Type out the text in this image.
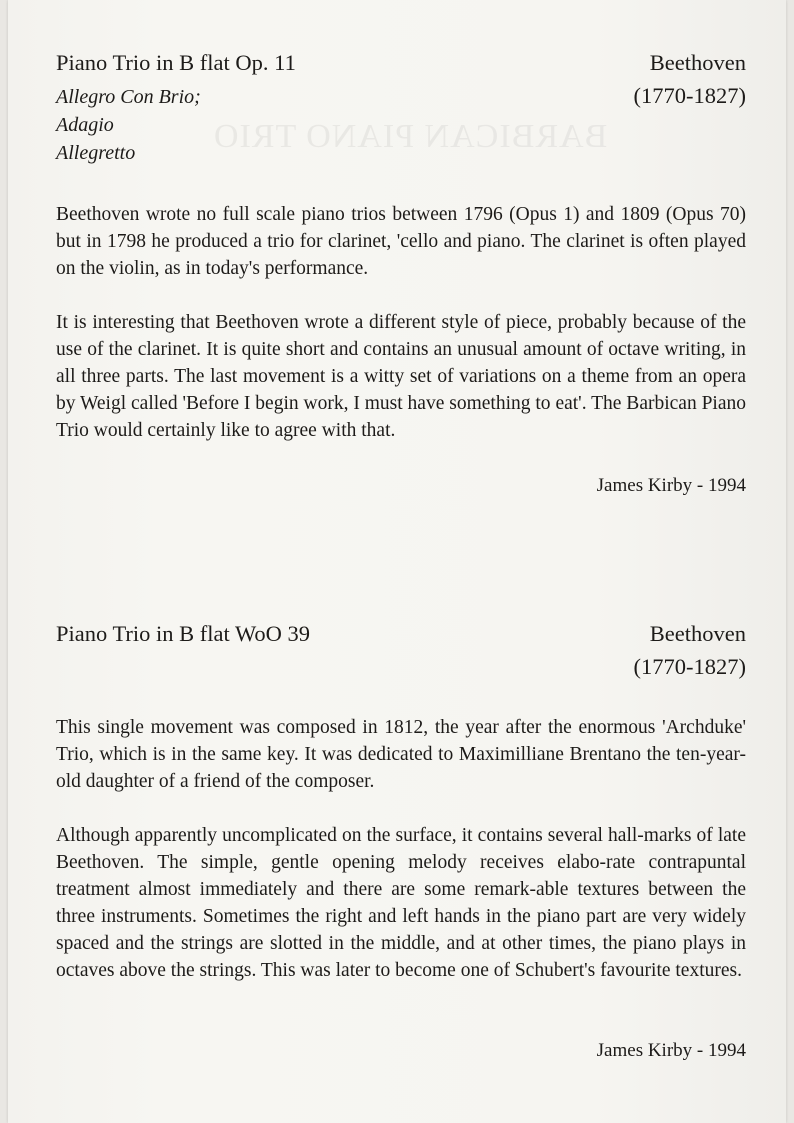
BARBICAN PIANO TRIO
Piano Trio in B flat Op. 11	Beethoven
(1770-1827)
Allegro Con Brio;
Adagio
Allegretto

Beethoven wrote no full scale piano trios between 1796 (Opus 1) and 1809 (Opus 70) but in 1798 he produced a trio for clarinet, 'cello and piano. The clarinet is often played on the violin, as in today's performance.

It is interesting that Beethoven wrote a different style of piece, probably because of the use of the clarinet. It is quite short and contains an unusual amount of octave writing, in all three parts. The last movement is a witty set of variations on a theme from an opera by Weigl called 'Before I begin work, I must have something to eat'. The Barbican Piano Trio would certainly like to agree with that.

James Kirby - 1994
Piano Trio in B flat WoO 39	Beethoven
(1770-1827)

This single movement was composed in 1812, the year after the enormous 'Archduke' Trio, which is in the same key. It was dedicated to Maximilliane Brentano the ten-year-old daughter of a friend of the composer.

Although apparently uncomplicated on the surface, it contains several hall-marks of late Beethoven. The simple, gentle opening melody receives elabo-rate contrapuntal treatment almost immediately and there are some remark-able textures between the three instruments. Sometimes the right and left hands in the piano part are very widely spaced and the strings are slotted in the middle, and at other times, the piano plays in octaves above the strings. This was later to become one of Schubert's favourite textures.

James Kirby - 1994
